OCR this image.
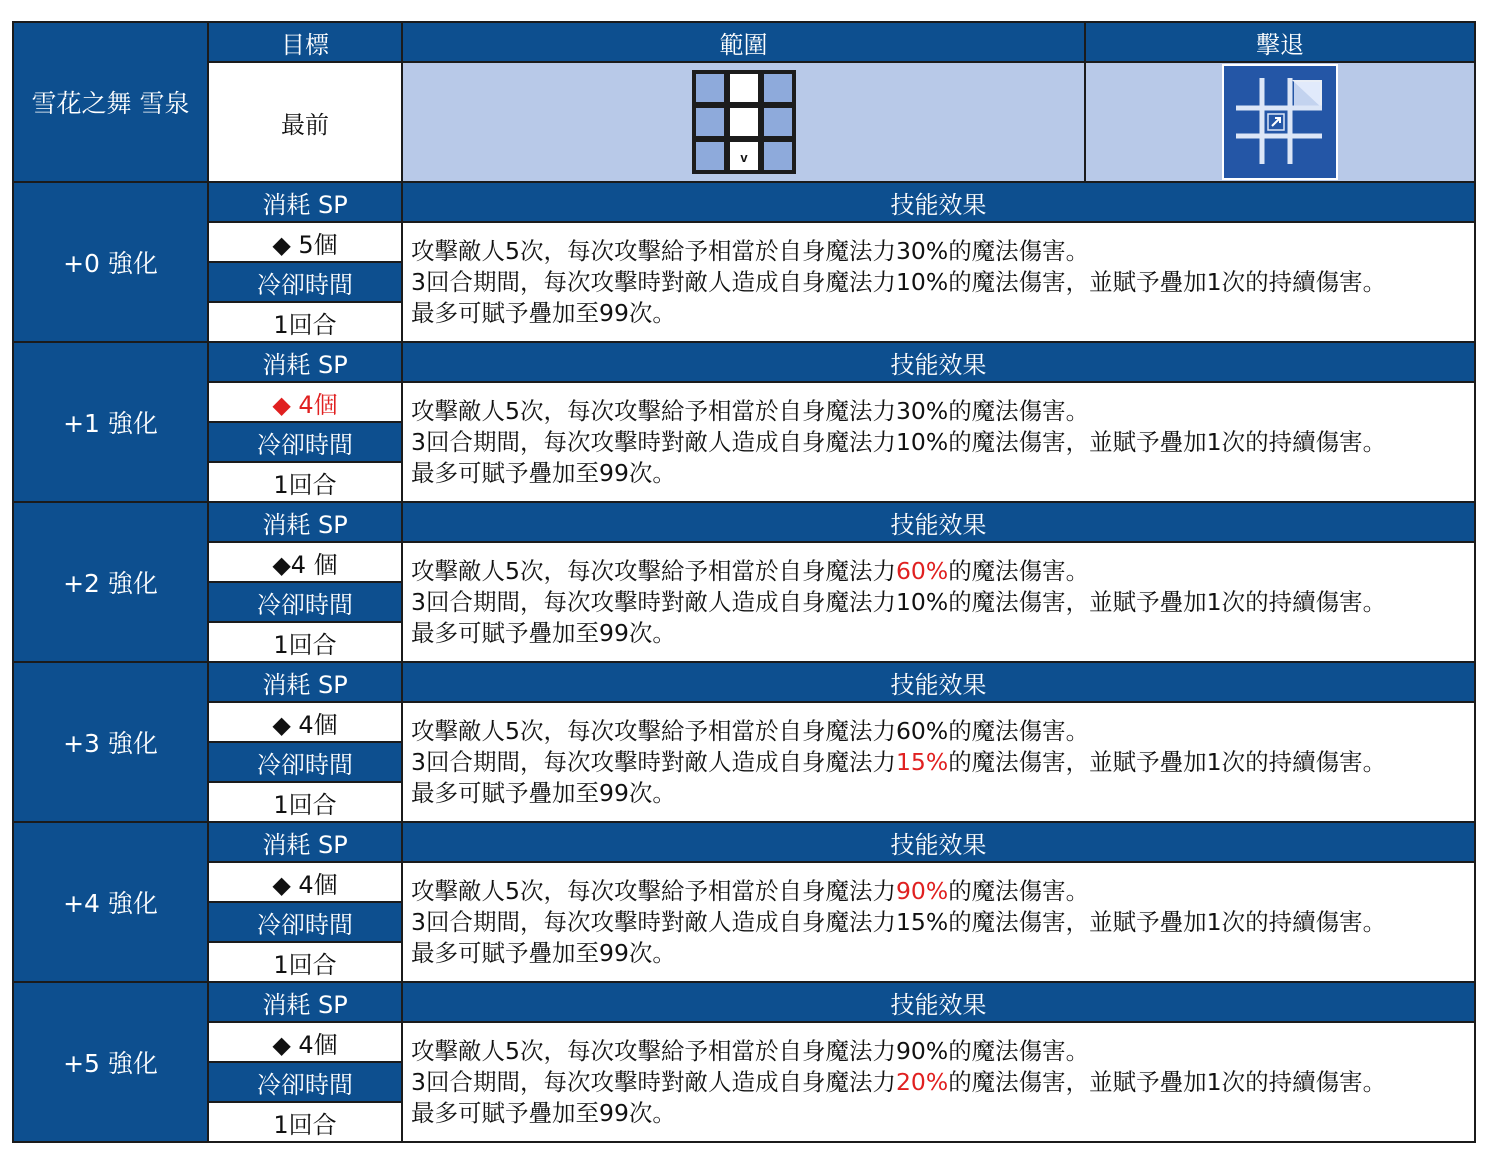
雪花之舞 雪泉	目標	範圍	擊退
	最前	v

+0 強化	消耗 SP	技能效果	
	◆ 5個	攻擊敵人5次，每次攻擊給予相當於自身魔法力30%的魔法傷害。
3回合期間，每次攻擊時對敵人造成自身魔法力10%的魔法傷害，並賦予疊加1次的持續傷害。
最多可賦予疊加至99次。	

	冷卻時間		
	1回合		
+1 強化	消耗 SP	技能效果	
	◆ 4個	攻擊敵人5次，每次攻擊給予相當於自身魔法力30%的魔法傷害。
3回合期間，每次攻擊時對敵人造成自身魔法力10%的魔法傷害，並賦予疊加1次的持續傷害。
最多可賦予疊加至99次。	

	冷卻時間		
	1回合		
+2 強化	消耗 SP	技能效果	
	◆4 個	攻擊敵人5次，每次攻擊給予相當於自身魔法力60%的魔法傷害。
3回合期間，每次攻擊時對敵人造成自身魔法力10%的魔法傷害，並賦予疊加1次的持續傷害。
最多可賦予疊加至99次。	

	冷卻時間		
	1回合		
+3 強化	消耗 SP	技能效果	
	◆ 4個	攻擊敵人5次，每次攻擊給予相當於自身魔法力60%的魔法傷害。
3回合期間，每次攻擊時對敵人造成自身魔法力15%的魔法傷害，並賦予疊加1次的持續傷害。
最多可賦予疊加至99次。	

	冷卻時間		
	1回合		
+4 強化	消耗 SP	技能效果	
	◆ 4個	攻擊敵人5次，每次攻擊給予相當於自身魔法力90%的魔法傷害。
3回合期間，每次攻擊時對敵人造成自身魔法力15%的魔法傷害，並賦予疊加1次的持續傷害。
最多可賦予疊加至99次。	

	冷卻時間		
	1回合		
+5 強化	消耗 SP	技能效果	
	◆ 4個	攻擊敵人5次，每次攻擊給予相當於自身魔法力90%的魔法傷害。
3回合期間，每次攻擊時對敵人造成自身魔法力20%的魔法傷害，並賦予疊加1次的持續傷害。
最多可賦予疊加至99次。	

	冷卻時間		
	1回合		
